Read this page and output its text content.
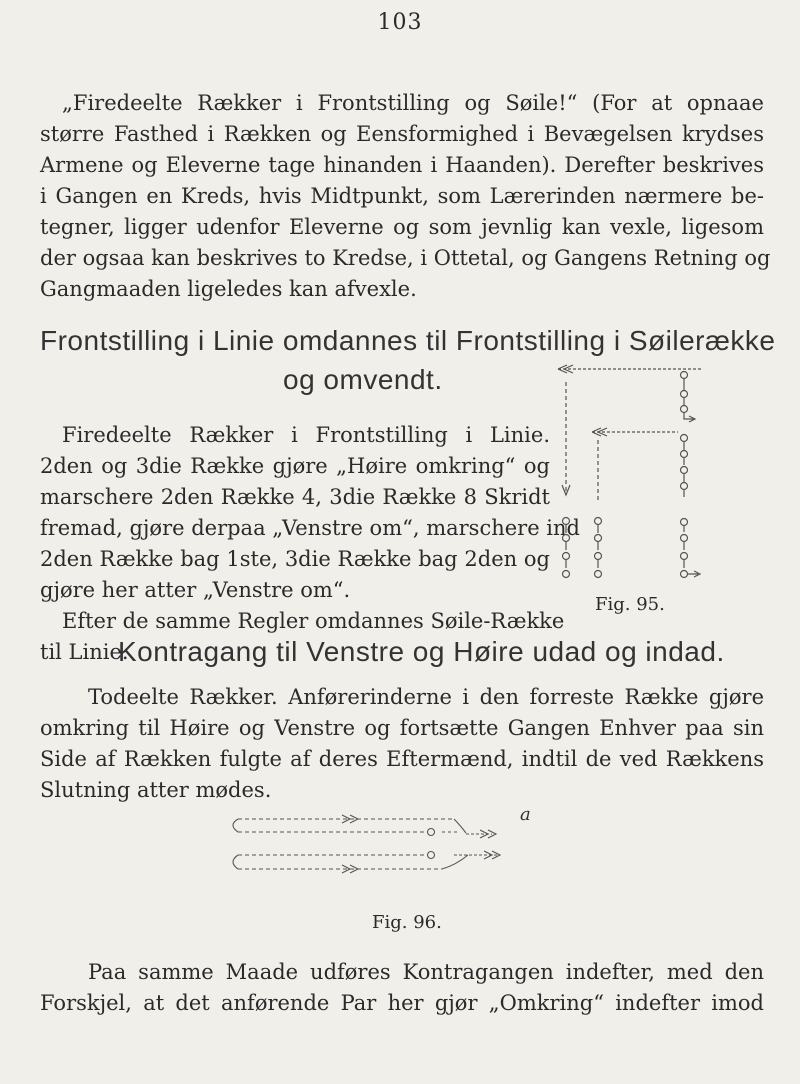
103
„Firedeelte Rækker i Frontstilling og Søile!“ (For at opnaae
større Fasthed i Rækken og Eensformighed i Bevægelsen krydses
Armene og Eleverne tage hinanden i Haanden). Derefter beskrives
i Gangen en Kreds, hvis Midtpunkt, som Lærerinden nærmere be-
tegner, ligger udenfor Eleverne og som jevnlig kan vexle, ligesom
der ogsaa kan beskrives to Kredse, i Ottetal, og Gangens Retning og
Gangmaaden ligeledes kan afvexle.
Frontstilling i Linie omdannes til Frontstilling i Søilerække
og omvendt.
Firedeelte Rækker i Frontstilling i Linie.
2den og 3die Række gjøre „Høire omkring“ og
marschere 2den Række 4, 3die Række 8 Skridt
fremad, gjøre derpaa „Venstre om“, marschere ind
2den Række bag 1ste, 3die Række bag 2den og
gjøre her atter „Venstre om“.
Efter de samme Regler omdannes Søile-Række
til Linie.
Fig. 95.
Kontragang til Venstre og Høire udad og indad.
Todeelte Rækker. Anførerinderne i den forreste Række gjøre
omkring til Høire og Venstre og fortsætte Gangen Enhver paa sin
Side af Rækken fulgte af deres Eftermænd, indtil de ved Rækkens
Slutning atter mødes.
a
Fig. 96.
Paa samme Maade udføres Kontragangen indefter, med den
Forskjel, at det anførende Par her gjør „Omkring“ indefter imod
